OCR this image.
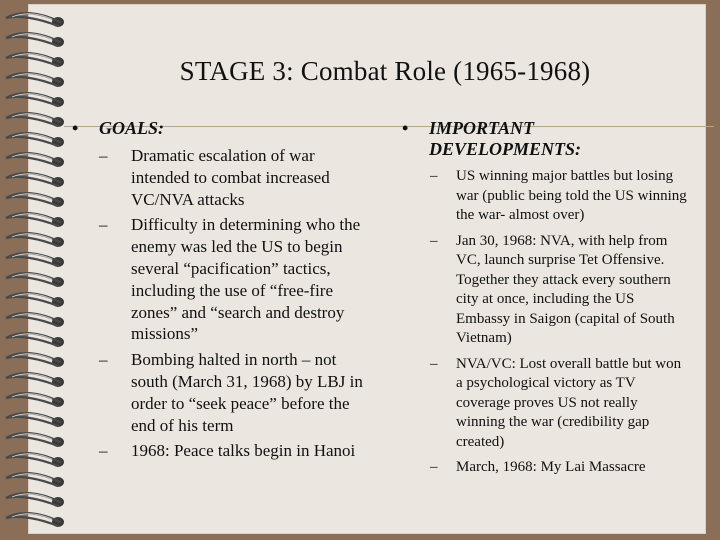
STAGE 3: Combat Role (1965-1968)
• GOALS:
– Dramatic escalation of war intended to combat increased VC/NVA attacks
– Difficulty in determining who the enemy was led the US to begin several “pacification” tactics, including the use of “free-fire zones” and “search and destroy missions”
– Bombing halted in north – not south (March 31, 1968) by LBJ in order to “seek peace” before the end of his term
– 1968: Peace talks begin in Hanoi
• IMPORTANT DEVELOPMENTS:
– US winning major battles but losing war (public being told the US winning the war- almost over)
– Jan 30, 1968: NVA, with help from VC, launch surprise Tet Offensive. Together they attack every southern city at once, including the US Embassy in Saigon (capital of South Vietnam)
– NVA/VC: Lost overall battle but won a psychological victory as TV coverage proves US not really winning the war (credibility gap created)
– March, 1968: My Lai Massacre
